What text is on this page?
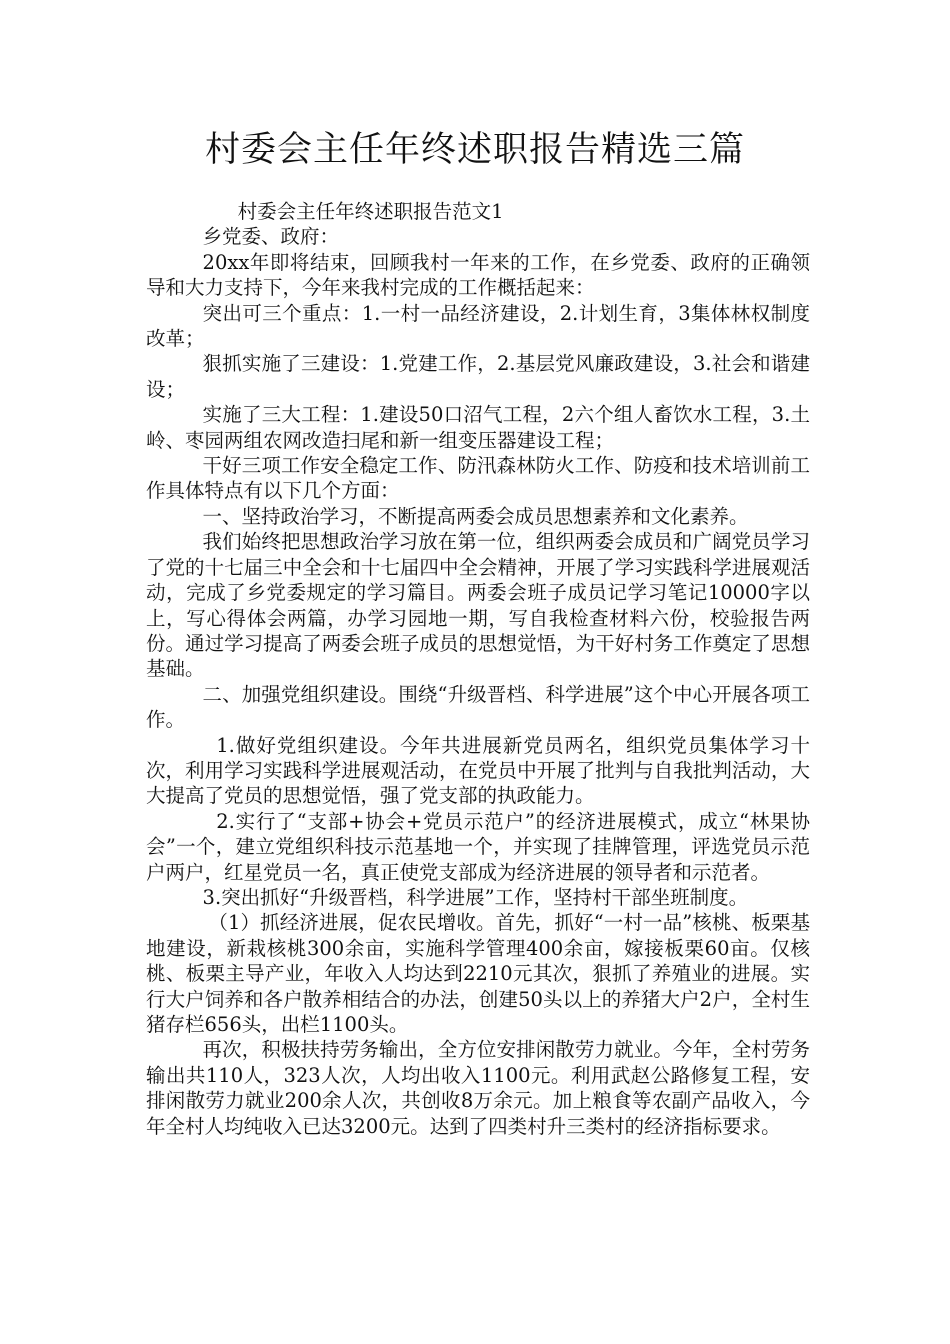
村委会主任年终述职报告精选三篇

村委会主任年终述职报告范文1

乡党委、政府：

20xx年即将结束，回顾我村一年来的工作，在乡党委、政府的正确领导和大力支持下，今年来我村完成的工作概括起来：

突出可三个重点：1.一村一品经济建设，2.计划生育，3集体林权制度改革；

狠抓实施了三建设：1.党建工作，2.基层党风廉政建设，3.社会和谐建设；

实施了三大工程：1.建设50口沼气工程，2六个组人畜饮水工程，3.土岭、枣园两组农网改造扫尾和新一组变压器建设工程；

干好三项工作安全稳定工作、防汛森林防火工作、防疫和技术培训前工作具体特点有以下几个方面：

一、坚持政治学习，不断提高两委会成员思想素养和文化素养。

我们始终把思想政治学习放在第一位，组织两委会成员和广阔党员学习了党的十七届三中全会和十七届四中全会精神，开展了学习实践科学进展观活动，完成了乡党委规定的学习篇目。两委会班子成员记学习笔记10000字以上，写心得体会两篇，办学习园地一期，写自我检查材料六份，校验报告两份。通过学习提高了两委会班子成员的思想觉悟，为干好村务工作奠定了思想基础。

二、加强党组织建设。围绕“升级晋档、科学进展”这个中心开展各项工作。

1.做好党组织建设。今年共进展新党员两名，组织党员集体学习十次，利用学习实践科学进展观活动，在党员中开展了批判与自我批判活动，大大提高了党员的思想觉悟，强了党支部的执政能力。

2.实行了“支部+协会+党员示范户”的经济进展模式，成立“林果协会”一个，建立党组织科技示范基地一个，并实现了挂牌管理，评选党员示范户两户，红星党员一名，真正使党支部成为经济进展的领导者和示范者。

3.突出抓好“升级晋档，科学进展”工作，坚持村干部坐班制度。

（1）抓经济进展，促农民增收。首先，抓好“一村一品”核桃、板栗基地建设，新栽核桃300余亩，实施科学管理400余亩，嫁接板栗60亩。仅核桃、板栗主导产业，年收入人均达到2210元其次，狠抓了养殖业的进展。实行大户饲养和各户散养相结合的办法，创建50头以上的养猪大户2户，全村生猪存栏656头，出栏1100头。

再次，积极扶持劳务输出，全方位安排闲散劳力就业。今年，全村劳务输出共110人，323人次，人均出收入1100元。利用武赵公路修复工程，安排闲散劳力就业200余人次，共创收8万余元。加上粮食等农副产品收入，今年全村人均纯收入已达3200元。达到了四类村升三类村的经济指标要求。
